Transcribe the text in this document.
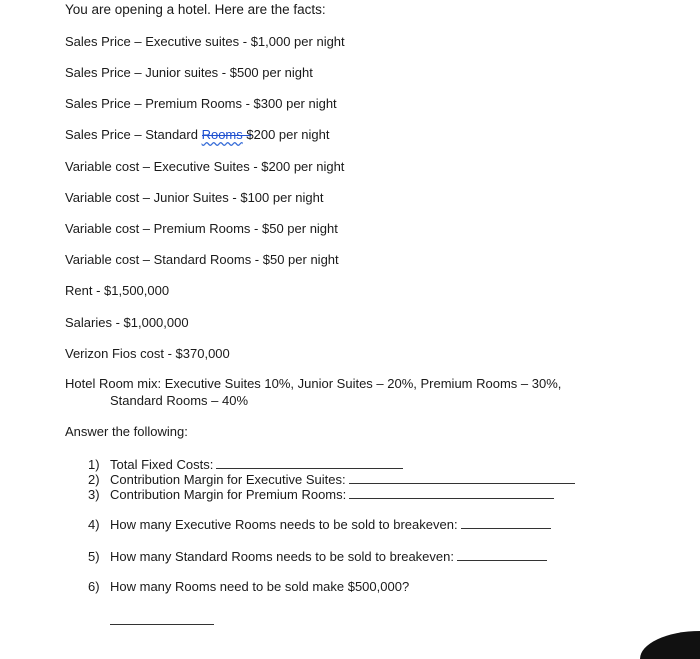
You are opening a hotel. Here are the facts:
Sales Price – Executive suites - $1,000 per night
Sales Price – Junior suites - $500 per night
Sales Price – Premium Rooms - $300 per night
Sales Price – Standard Rooms $200 per night
Variable cost – Executive Suites - $200 per night
Variable cost – Junior Suites - $100 per night
Variable cost – Premium Rooms - $50 per night
Variable cost – Standard Rooms - $50 per night
Rent - $1,500,000
Salaries - $1,000,000
Verizon Fios cost - $370,000
Hotel Room mix: Executive Suites 10%, Junior Suites – 20%, Premium Rooms – 30%,
Standard Rooms – 40%
Answer the following:
1) Total Fixed Costs:
2) Contribution Margin for Executive Suites:
3) Contribution Margin for Premium Rooms:
4) How many Executive Rooms needs to be sold to breakeven:
5) How many Standard Rooms needs to be sold to breakeven:
6) How many Rooms need to be sold make $500,000?
